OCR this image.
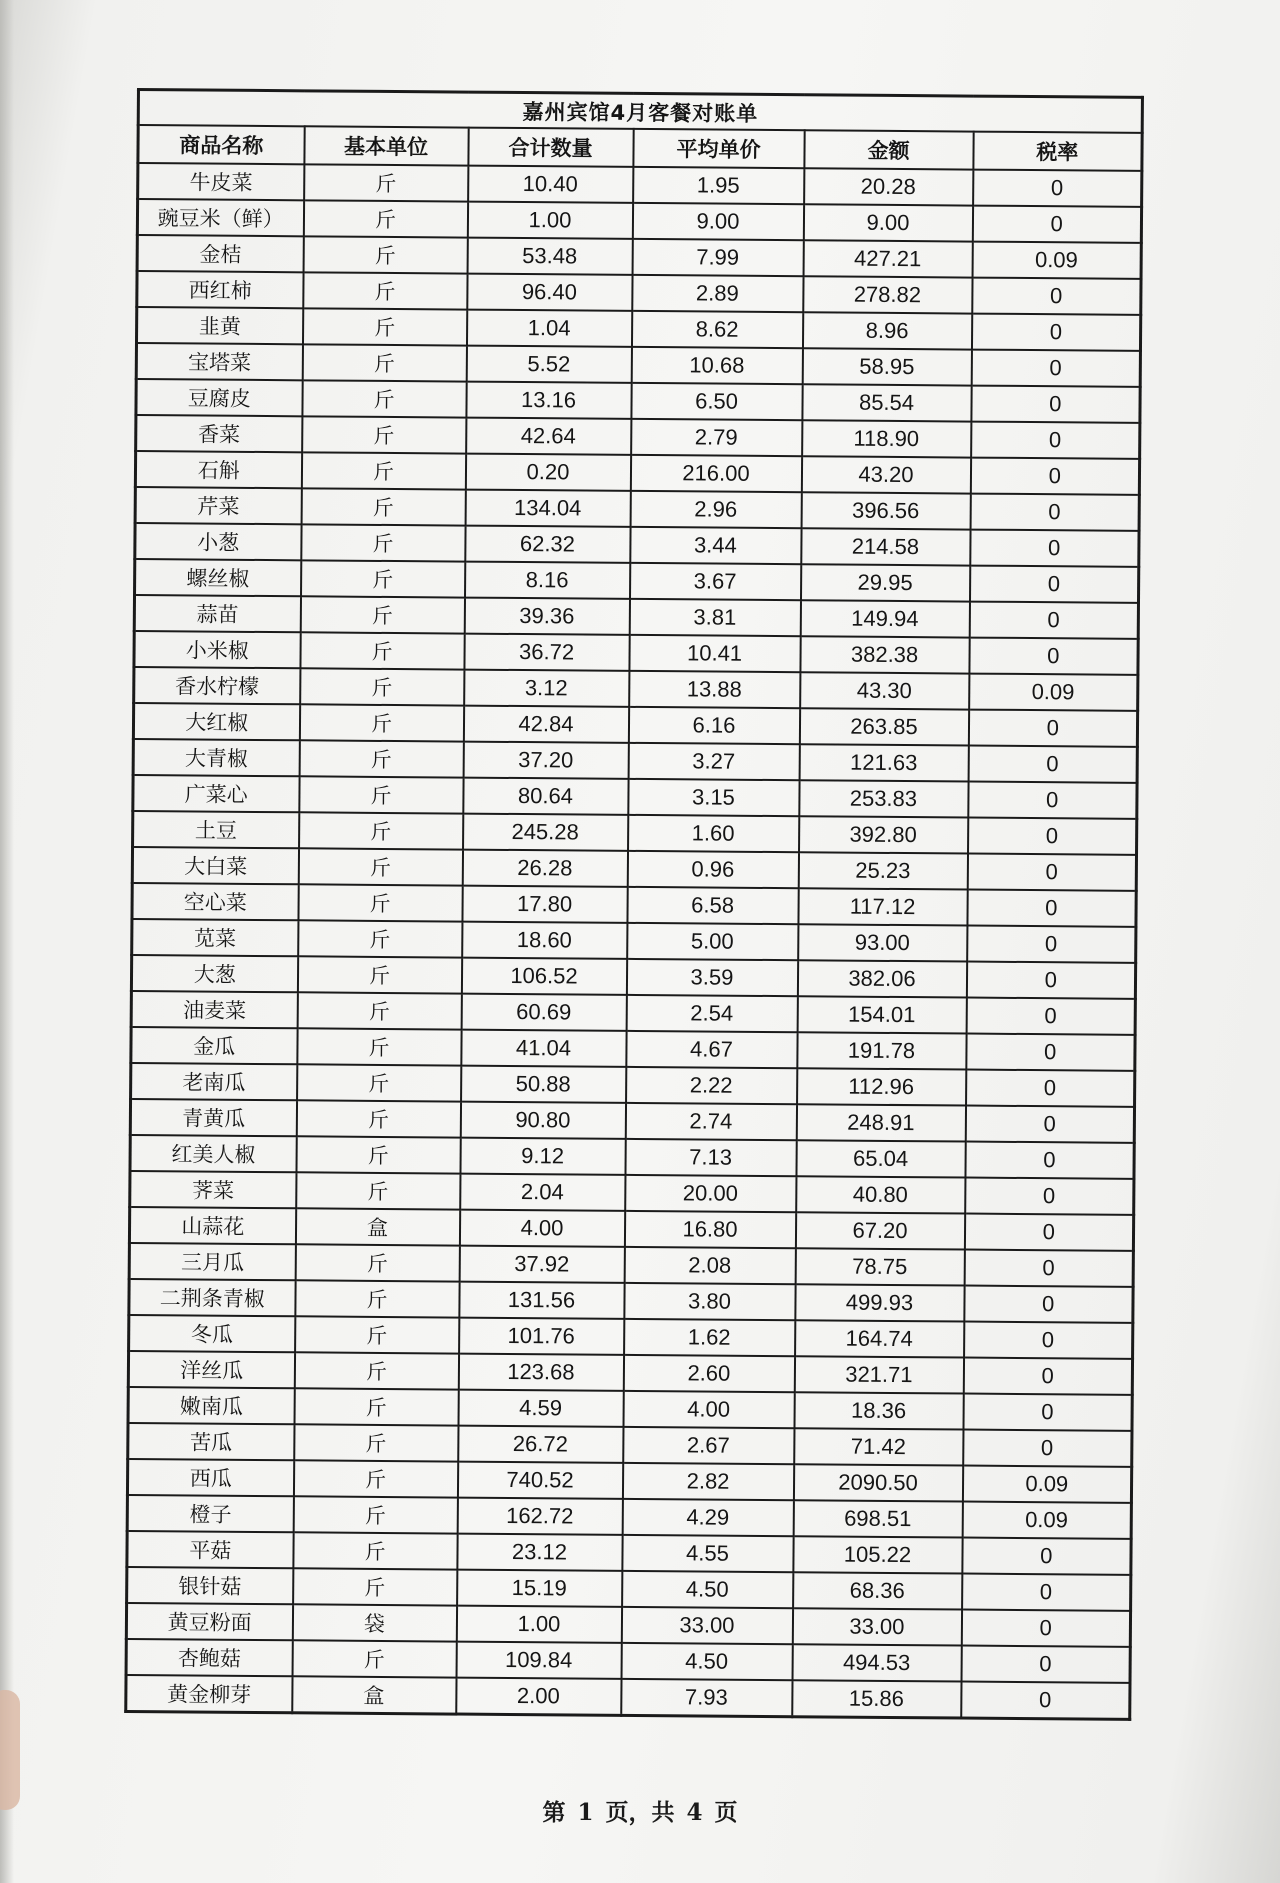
嘉州宾馆4月客餐对账单					
商品名称	基本单位	合计数量	平均单价	金额	税率
牛皮菜	斤	10.40	1.95	20.28	0
豌豆米（鲜）	斤	1.00	9.00	9.00	0
金桔	斤	53.48	7.99	427.21	0.09
西红柿	斤	96.40	2.89	278.82	0
韭黄	斤	1.04	8.62	8.96	0
宝塔菜	斤	5.52	10.68	58.95	0
豆腐皮	斤	13.16	6.50	85.54	0
香菜	斤	42.64	2.79	118.90	0
石斛	斤	0.20	216.00	43.20	0
芹菜	斤	134.04	2.96	396.56	0
小葱	斤	62.32	3.44	214.58	0
螺丝椒	斤	8.16	3.67	29.95	0
蒜苗	斤	39.36	3.81	149.94	0
小米椒	斤	36.72	10.41	382.38	0
香水柠檬	斤	3.12	13.88	43.30	0.09
大红椒	斤	42.84	6.16	263.85	0
大青椒	斤	37.20	3.27	121.63	0
广菜心	斤	80.64	3.15	253.83	0
土豆	斤	245.28	1.60	392.80	0
大白菜	斤	26.28	0.96	25.23	0
空心菜	斤	17.80	6.58	117.12	0
苋菜	斤	18.60	5.00	93.00	0
大葱	斤	106.52	3.59	382.06	0
油麦菜	斤	60.69	2.54	154.01	0
金瓜	斤	41.04	4.67	191.78	0
老南瓜	斤	50.88	2.22	112.96	0
青黄瓜	斤	90.80	2.74	248.91	0
红美人椒	斤	9.12	7.13	65.04	0
荠菜	斤	2.04	20.00	40.80	0
山蒜花	盒	4.00	16.80	67.20	0
三月瓜	斤	37.92	2.08	78.75	0
二荆条青椒	斤	131.56	3.80	499.93	0
冬瓜	斤	101.76	1.62	164.74	0
洋丝瓜	斤	123.68	2.60	321.71	0
嫩南瓜	斤	4.59	4.00	18.36	0
苦瓜	斤	26.72	2.67	71.42	0
西瓜	斤	740.52	2.82	2090.50	0.09
橙子	斤	162.72	4.29	698.51	0.09
平菇	斤	23.12	4.55	105.22	0
银针菇	斤	15.19	4.50	68.36	0
黄豆粉面	袋	1.00	33.00	33.00	0
杏鲍菇	斤	109.84	4.50	494.53	0
黄金柳芽	盒	2.00	7.93	15.86	0
第 1 页，共 4 页
